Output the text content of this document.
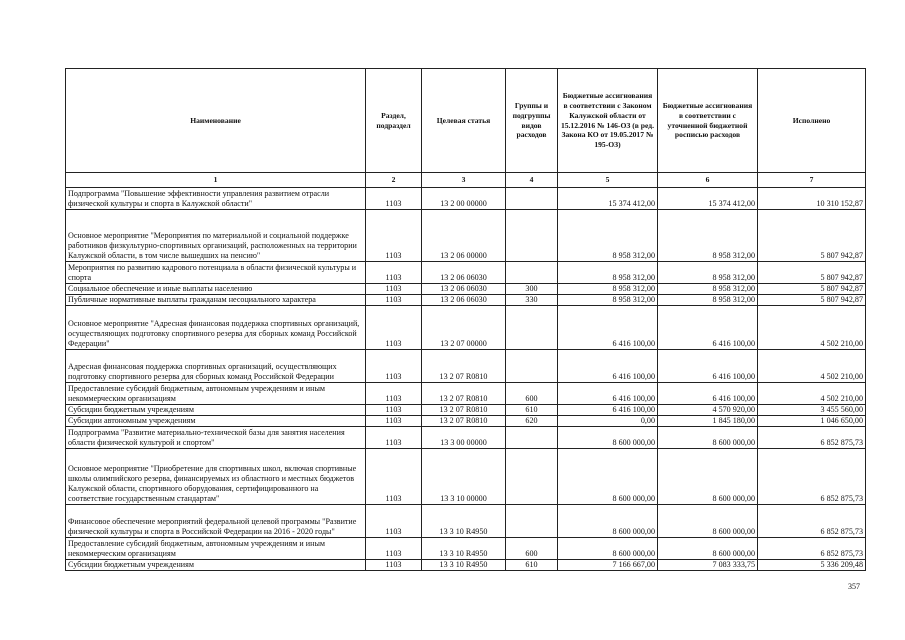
Наименование	Раздел, подраздел	Целевая статья	Группы и подгруппы видов расходов	Бюджетные ассигнования в соответствии с Законом Калужской области от 15.12.2016 № 146-ОЗ (в ред. Закона КО от 19.05.2017 № 195-ОЗ)	Бюджетные ассигнования в соответствии с уточненной бюджетной росписью расходов	Исполнено
1	2	3	4	5	6	7
Подпрограмма "Повышение эффективности управления развитием отрасли физической культуры и спорта в Калужской области"	1103	13 2 00 00000		15 374 412,00	15 374 412,00	10 310 152,87
Основное мероприятие "Мероприятия по материальной и социальной поддержке работников физкультурно-спортивных организаций, расположенных на территории Калужской области, в том числе вышедших на пенсию"	1103	13 2 06 00000		8 958 312,00	8 958 312,00	5 807 942,87
Мероприятия по развитию кадрового потенциала в области физической культуры и спорта	1103	13 2 06 06030		8 958 312,00	8 958 312,00	5 807 942,87
Социальное обеспечение и иные выплаты населению	1103	13 2 06 06030	300	8 958 312,00	8 958 312,00	5 807 942,87
Публичные нормативные выплаты гражданам несоциального характера	1103	13 2 06 06030	330	8 958 312,00	8 958 312,00	5 807 942,87
Основное мероприятие "Адресная финансовая поддержка спортивных организаций, осуществляющих подготовку спортивного резерва для сборных команд Российской Федерации"	1103	13 2 07 00000		6 416 100,00	6 416 100,00	4 502 210,00
Адресная финансовая поддержка спортивных организаций, осуществляющих подготовку спортивного резерва для сборных команд Российской Федерации	1103	13 2 07 R0810		6 416 100,00	6 416 100,00	4 502 210,00
Предоставление субсидий бюджетным, автономным учреждениям и иным некоммерческим организациям	1103	13 2 07 R0810	600	6 416 100,00	6 416 100,00	4 502 210,00
Субсидии бюджетным учреждениям	1103	13 2 07 R0810	610	6 416 100,00	4 570 920,00	3 455 560,00
Субсидии автономным учреждениям	1103	13 2 07 R0810	620	0,00	1 845 180,00	1 046 650,00
Подпрограмма "Развитие материально-технической базы для занятия населения области физической культурой и спортом"	1103	13 3 00 00000		8 600 000,00	8 600 000,00	6 852 875,73
Основное мероприятие "Приобретение для спортивных школ, включая спортивные школы олимпийского резерва, финансируемых из областного и местных бюджетов Калужской области, спортивного оборудования, сертифицированного на соответствие государственным стандартам"	1103	13 3 10 00000		8 600 000,00	8 600 000,00	6 852 875,73
Финансовое обеспечение мероприятий федеральной целевой программы "Развитие физической культуры и спорта в Российской Федерации на 2016 - 2020 годы"	1103	13 3 10 R4950		8 600 000,00	8 600 000,00	6 852 875,73
Предоставление субсидий бюджетным, автономным учреждениям и иным некоммерческим организациям	1103	13 3 10 R4950	600	8 600 000,00	8 600 000,00	6 852 875,73
Субсидии бюджетным учреждениям	1103	13 3 10 R4950	610	7 166 667,00	7 083 333,75	5 336 209,48
357
